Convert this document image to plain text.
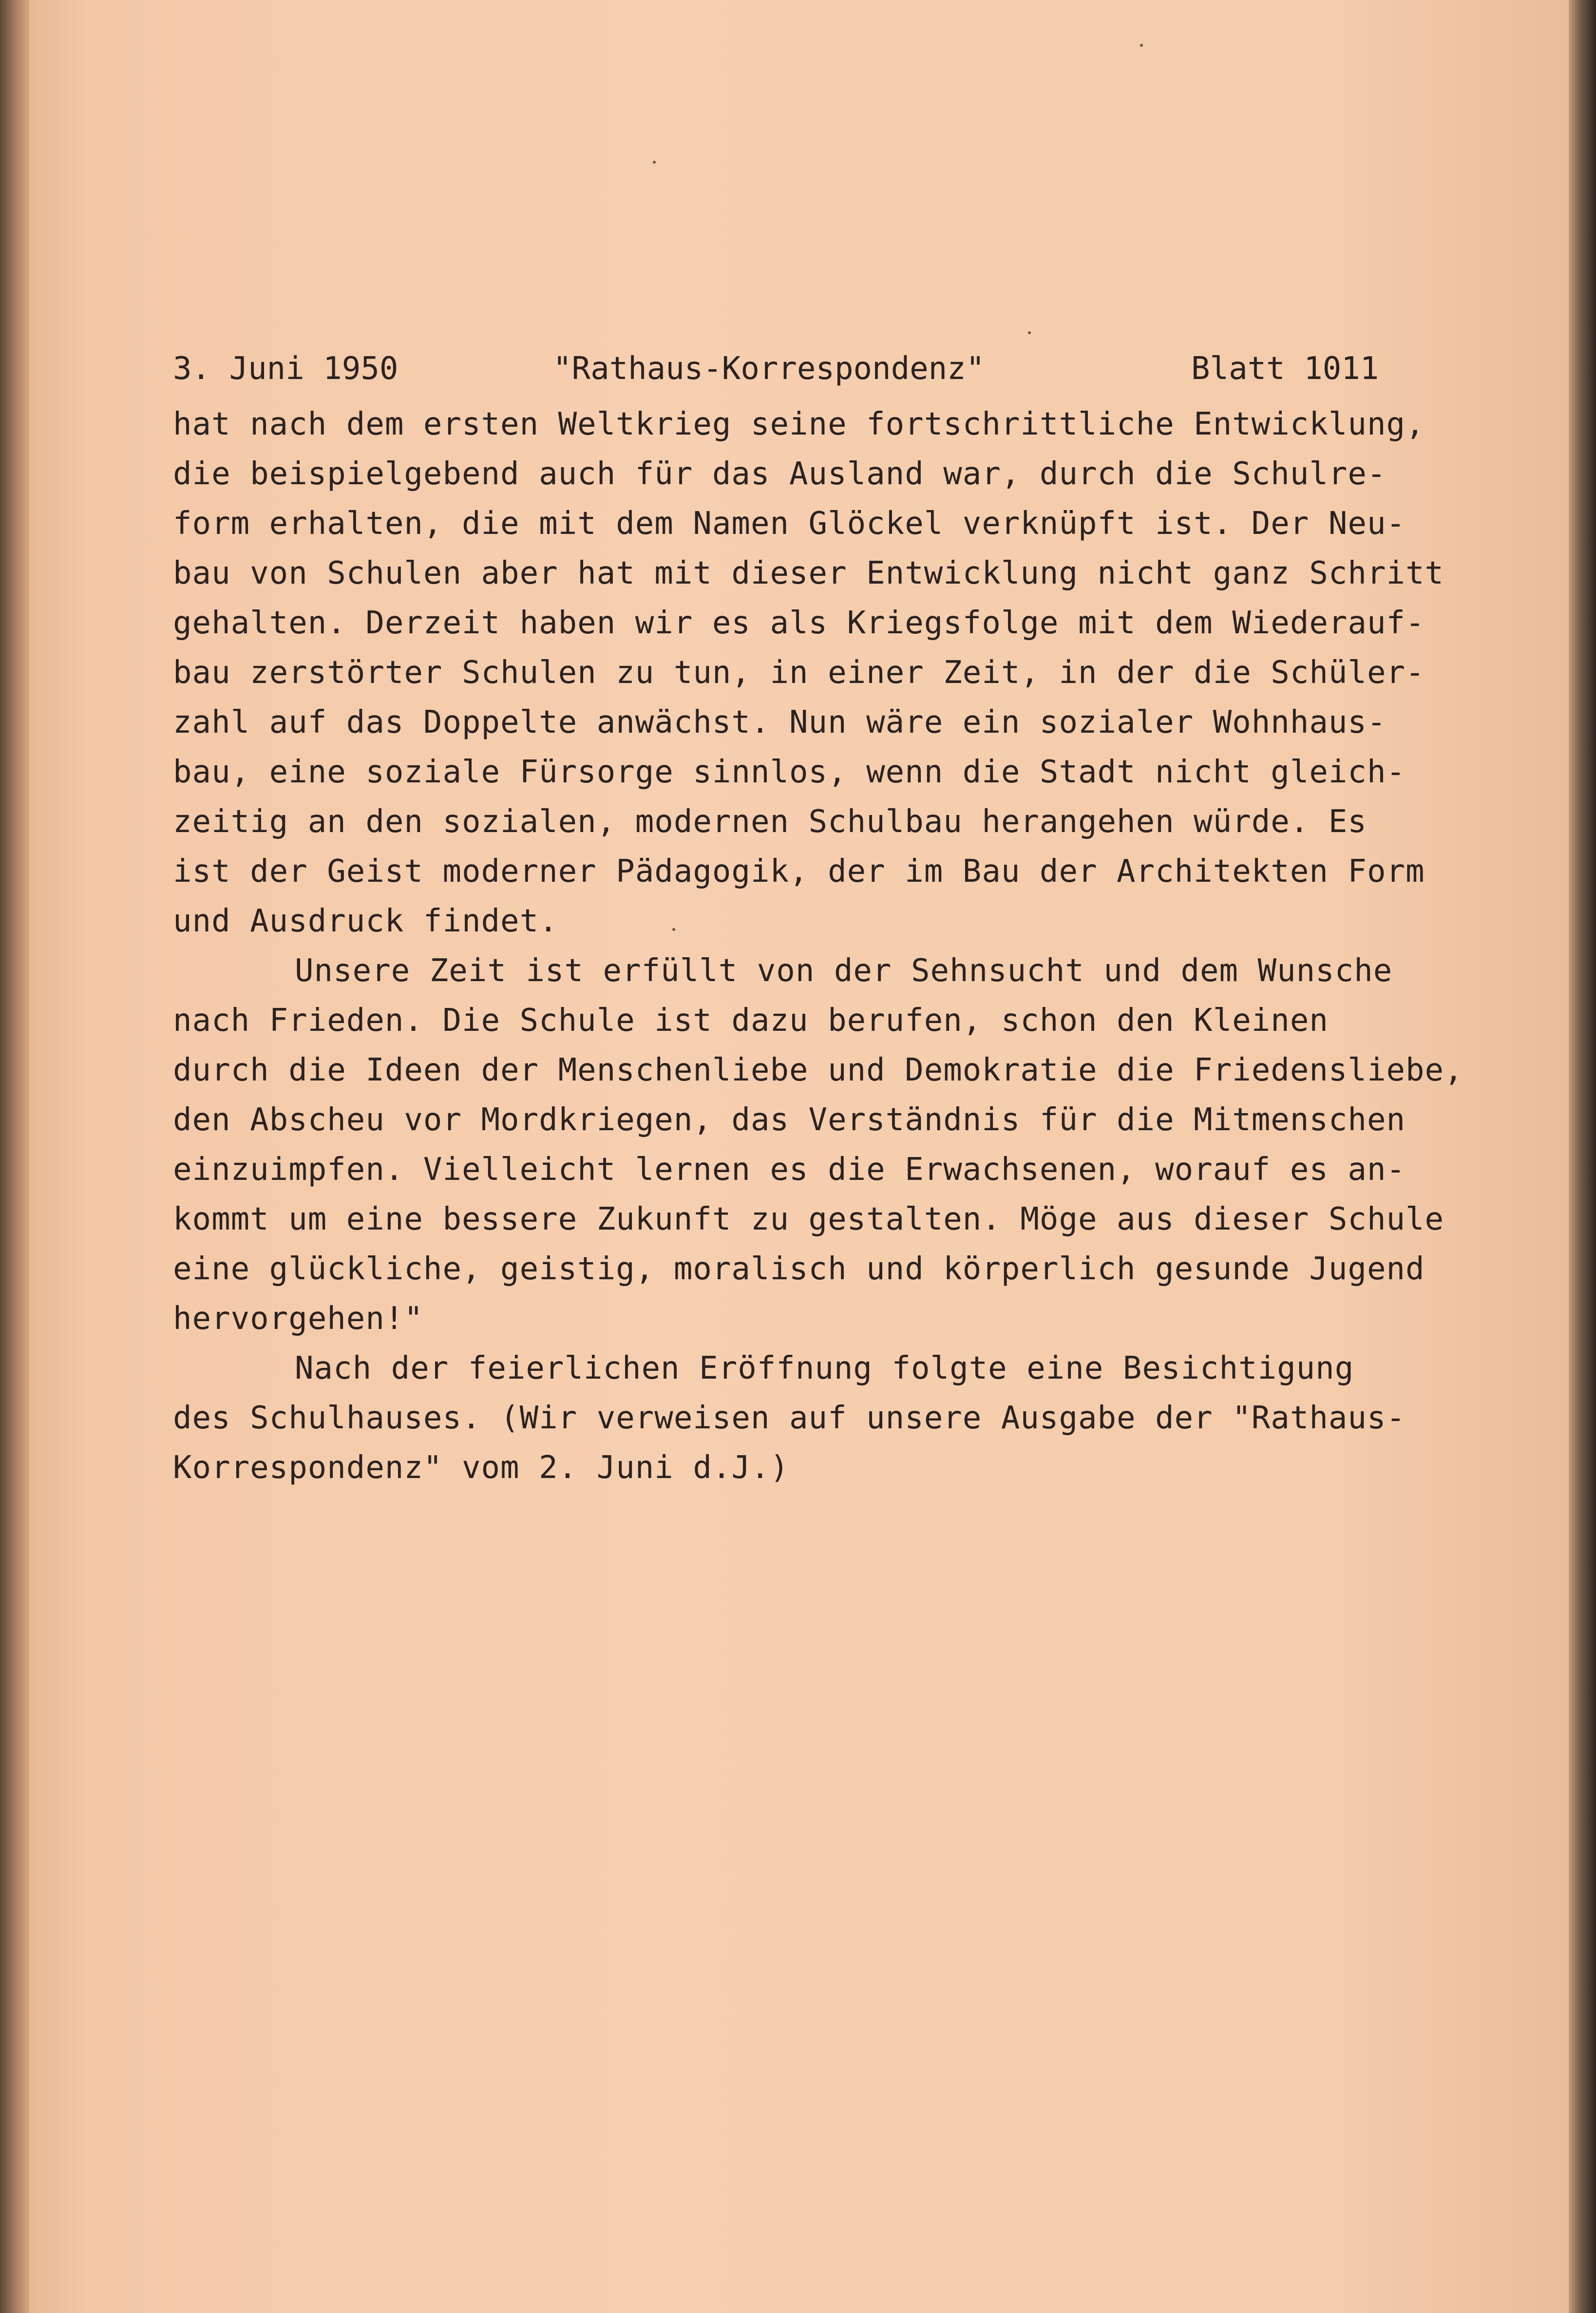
3. Juni 1950	"Rathaus-Korrespondenz"	Blatt 1011
hat nach dem ersten Weltkrieg seine fortschrittliche Entwicklung,
die beispielgebend auch für das Ausland war, durch die Schulre-
form erhalten, die mit dem Namen Glöckel verknüpft ist. Der Neu-
bau von Schulen aber hat mit dieser Entwicklung nicht ganz Schritt
gehalten. Derzeit haben wir es als Kriegsfolge mit dem Wiederauf-
bau zerstörter Schulen zu tun, in einer Zeit, in der die Schüler-
zahl auf das Doppelte anwächst. Nun wäre ein sozialer Wohnhaus-
bau, eine soziale Fürsorge sinnlos, wenn die Stadt nicht gleich-
zeitig an den sozialen, modernen Schulbau herangehen würde. Es
ist der Geist moderner Pädagogik, der im Bau der Architekten Form
und Ausdruck findet.
Unsere Zeit ist erfüllt von der Sehnsucht und dem Wunsche
nach Frieden. Die Schule ist dazu berufen, schon den Kleinen
durch die Ideen der Menschenliebe und Demokratie die Friedensliebe,
den Abscheu vor Mordkriegen, das Verständnis für die Mitmenschen
einzuimpfen. Vielleicht lernen es die Erwachsenen, worauf es an-
kommt um eine bessere Zukunft zu gestalten. Möge aus dieser Schule
eine glückliche, geistig, moralisch und körperlich gesunde Jugend
hervorgehen!"
Nach der feierlichen Eröffnung folgte eine Besichtigung
des Schulhauses. (Wir verweisen auf unsere Ausgabe der "Rathaus-
Korrespondenz" vom 2. Juni d.J.)
